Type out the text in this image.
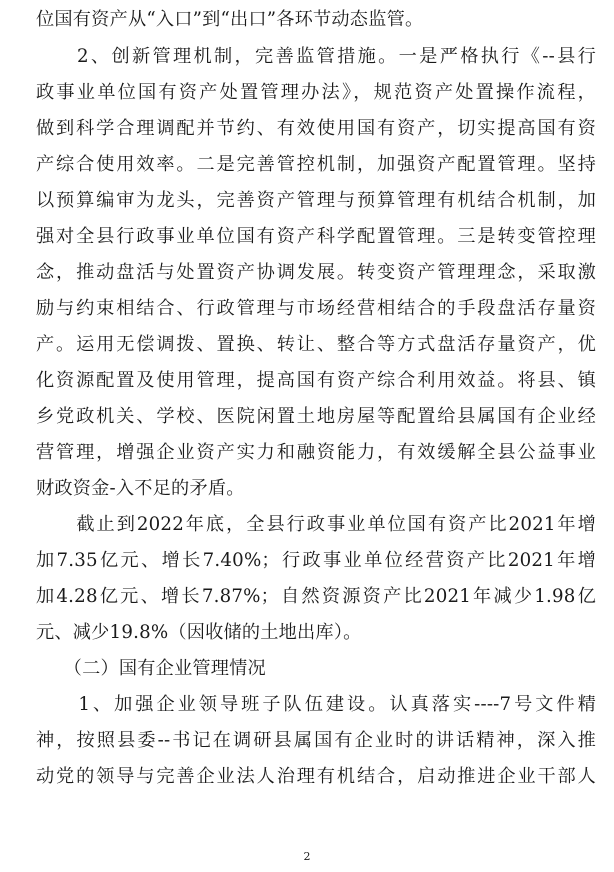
位国有资产从“入口”到“出口”各环节动态监管。
　　2、创新管理机制，完善监管措施。一是严格执行《--县行
政事业单位国有资产处置管理办法》，规范资产处置操作流程，
做到科学合理调配并节约、有效使用国有资产，切实提高国有资
产综合使用效率。二是完善管控机制，加强资产配置管理。坚持
以预算编审为龙头，完善资产管理与预算管理有机结合机制，加
强对全县行政事业单位国有资产科学配置管理。三是转变管控理
念，推动盘活与处置资产协调发展。转变资产管理理念，采取激
励与约束相结合、行政管理与市场经营相结合的手段盘活存量资
产。运用无偿调拨、置换、转让、整合等方式盘活存量资产，优
化资源配置及使用管理，提高国有资产综合利用效益。将县、镇
乡党政机关、学校、医院闲置土地房屋等配置给县属国有企业经
营管理，增强企业资产实力和融资能力，有效缓解全县公益事业
财政资金-入不足的矛盾。
　　截止到2022年底，全县行政事业单位国有资产比2021年增
加7.35亿元、增长7.40%；行政事业单位经营资产比2021年增
加4.28亿元、增长7.87%；自然资源资产比2021年减少1.98亿
元、减少19.8%（因收储的土地出库）。
　　（二）国有企业管理情况
　　1、加强企业领导班子队伍建设。认真落实----7号文件精
神，按照县委--书记在调研县属国有企业时的讲话精神，深入推
动党的领导与完善企业法人治理有机结合，启动推进企业干部人
2
